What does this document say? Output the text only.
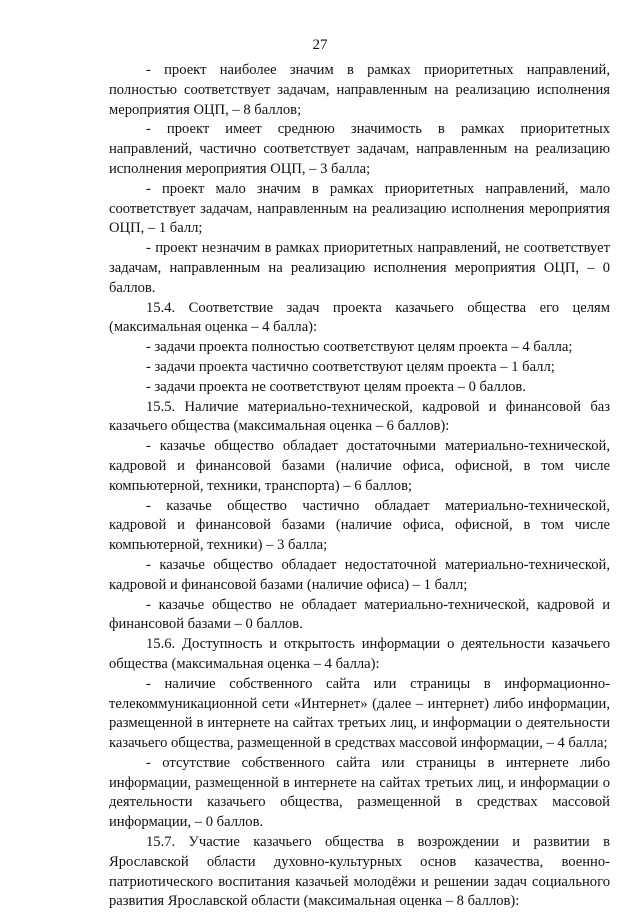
27

- проект наиболее значим в рамках приоритетных направлений, полностью соответствует задачам, направленным на реализацию исполнения мероприятия ОЦП, – 8 баллов;

- проект имеет среднюю значимость в рамках приоритетных направлений, частично соответствует задачам, направленным на реализацию исполнения мероприятия ОЦП, – 3 балла;

- проект мало значим в рамках приоритетных направлений, мало соответствует задачам, направленным на реализацию исполнения мероприятия ОЦП, – 1 балл;

- проект незначим в рамках приоритетных направлений, не соответствует задачам, направленным на реализацию исполнения мероприятия ОЦП, – 0 баллов.

15.4. Соответствие задач проекта казачьего общества его целям (максимальная оценка – 4 балла):

- задачи проекта полностью соответствуют целям проекта – 4 балла;

- задачи проекта частично соответствуют целям проекта – 1 балл;

- задачи проекта не соответствуют целям проекта – 0 баллов.

15.5. Наличие материально-технической, кадровой и финансовой баз казачьего общества (максимальная оценка – 6 баллов):

- казачье общество обладает достаточными материально-технической, кадровой и финансовой базами (наличие офиса, офисной, в том числе компьютерной, техники, транспорта) – 6 баллов;

- казачье общество частично обладает материально-технической, кадровой и финансовой базами (наличие офиса, офисной, в том числе компьютерной, техники) – 3 балла;

- казачье общество обладает недостаточной материально-технической, кадровой и финансовой базами (наличие офиса) – 1 балл;

- казачье общество не обладает материально-технической, кадровой и финансовой базами – 0 баллов.

15.6. Доступность и открытость информации о деятельности казачьего общества (максимальная оценка – 4 балла):

- наличие собственного сайта или страницы в информационно-телекоммуникационной сети «Интернет» (далее – интернет) либо информации, размещенной в интернете на сайтах третьих лиц, и информации о деятельности казачьего общества, размещенной в средствах массовой информации, – 4 балла;

- отсутствие собственного сайта или страницы в интернете либо информации, размещенной в интернете на сайтах третьих лиц, и информации о деятельности казачьего общества, размещенной в средствах массовой информации, – 0 баллов.

15.7. Участие казачьего общества в возрождении и развитии в Ярославской области духовно-культурных основ казачества, военно-патриотического воспитания казачьей молодёжи и решении задач социального развития Ярославской области (максимальная оценка – 8 баллов):
